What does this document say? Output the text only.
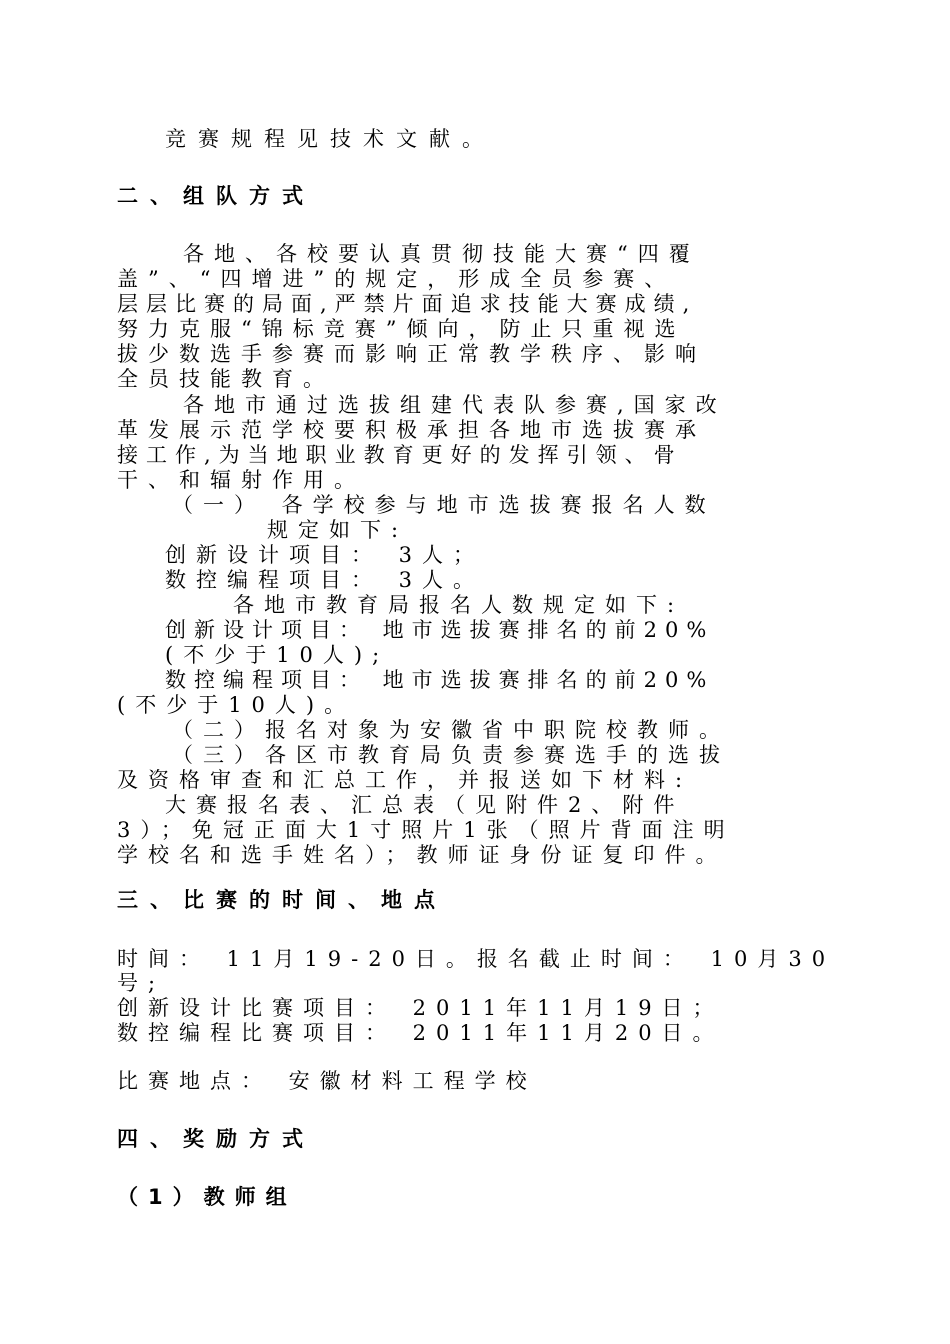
竞赛规程见技术文献。
二、组队方式
各地、各校要认真贯彻技能大赛“四覆
盖”、“四增进”的规定，形成全员参赛、
层层比赛的局面,严禁片面追求技能大赛成绩,
努力克服“锦标竞赛”倾向，防止只重视选
拔少数选手参赛而影响正常教学秩序、影响
全员技能教育。
各地市通过选拔组建代表队参赛,国家改
革发展示范学校要积极承担各地市选拔赛承
接工作,为当地职业教育更好的发挥引领、骨
干、和辐射作用。
（一） 各学校参与地市选拔赛报名人数
规定如下:
创新设计项目： 3人；
数控编程项目： 3人。
各地市教育局报名人数规定如下:
创新设计项目： 地市选拔赛排名的前20%
(不少于10人);
数控编程项目： 地市选拔赛排名的前20%
(不少于10人)。
（二）报名对象为安徽省中职院校教师。
（三）各区市教育局负责参赛选手的选拔
及资格审查和汇总工作，并报送如下材料:
大赛报名表、汇总表（见附件2、附件
3）；免冠正面大1寸照片1张（照片背面注明
学校名和选手姓名）；教师证身份证复印件。
三、比赛的时间、地点
时间： 11月19-20日。报名截止时间： 10月30
号;
创新设计比赛项目： 2011年11月19日；
数控编程比赛项目： 2011年11月20日。
比赛地点： 安徽材料工程学校
四、奖励方式
（1）教师组
